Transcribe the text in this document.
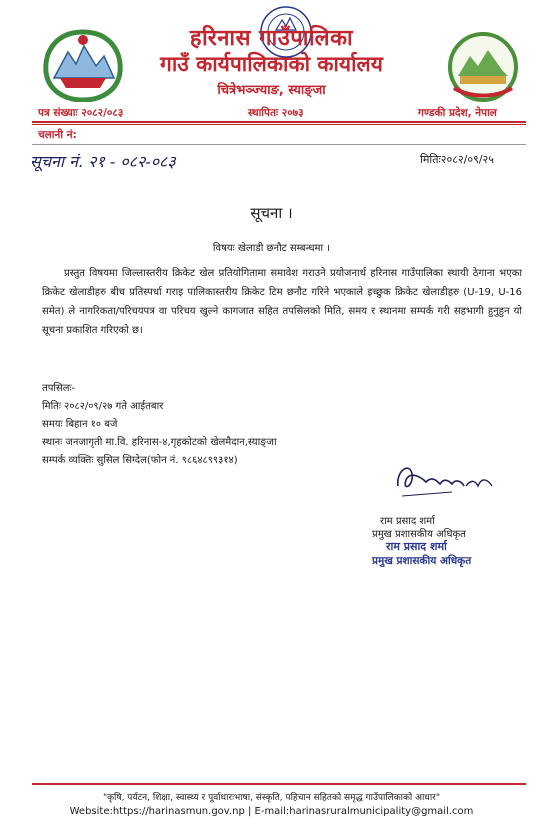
हरिनास गाउँपालिका
गाउँ कार्यपालिकाको कार्यालय
चित्रेभञ्ज्याङ, स्याङ्जा
पत्र संख्याः २०८२/०८३	स्थापितः २०७३	गण्डकी प्रदेश, नेपाल
चलानी नं:
सूचना नं. २१ - ०८२-०८३	मितिः२०८२/०९/२५
सूचना ।
विषयः खेलाडी छनौट सम्बन्धमा ।
प्रस्तुत विषयमा जिल्लास्तरीय क्रिकेट खेल प्रतियोगितामा समावेश गराउने प्रयोजनार्थ हरिनास गाउँपालिका स्थायी ठेगाना भएका क्रिकेट खेलाडीहरु बीच प्रतिस्पर्धा गराइ पालिकास्तरीय क्रिकेट टिम छनौट गरिने भएकाले इच्छुक क्रिकेट खेलाडीहरु (U-19, U-16 समेत) ले नागरिकता/परिचयपत्र वा परिचय खुल्ने कागजात सहित तपसिलको मिति, समय र स्थानमा सम्पर्क गरी सहभागी हुनुहुन यो सूचना प्रकाशित गरिएको छ।
तपसिलः-
मितिः २०८२/०९/२७ गते आईतबार
समयः बिहान १० बजे
स्थानः जनजागृती मा.वि. हरिनास-४,गृहकोटको खेलमैदान,स्याङ्जा
सम्पर्क व्यक्तिः सुसिल सिग्देल(फोन नं. ९८६४८९९३१४)
राम प्रसाद शर्मा
प्रमुख प्रशासकीय अधिकृत
राम प्रसाद शर्मा
प्रमुख प्रशासकीय अधिकृत
"कृषि, पर्यटन, शिक्षा, स्वास्थ्य र पूर्वाधारःभाषा, संस्कृति, पहिचान सहितको समृद्ध गाउँपालिकाको आधार"
Website:https://harinasmun.gov.np | E-mail:harinasruralmunicipality@gmail.com
